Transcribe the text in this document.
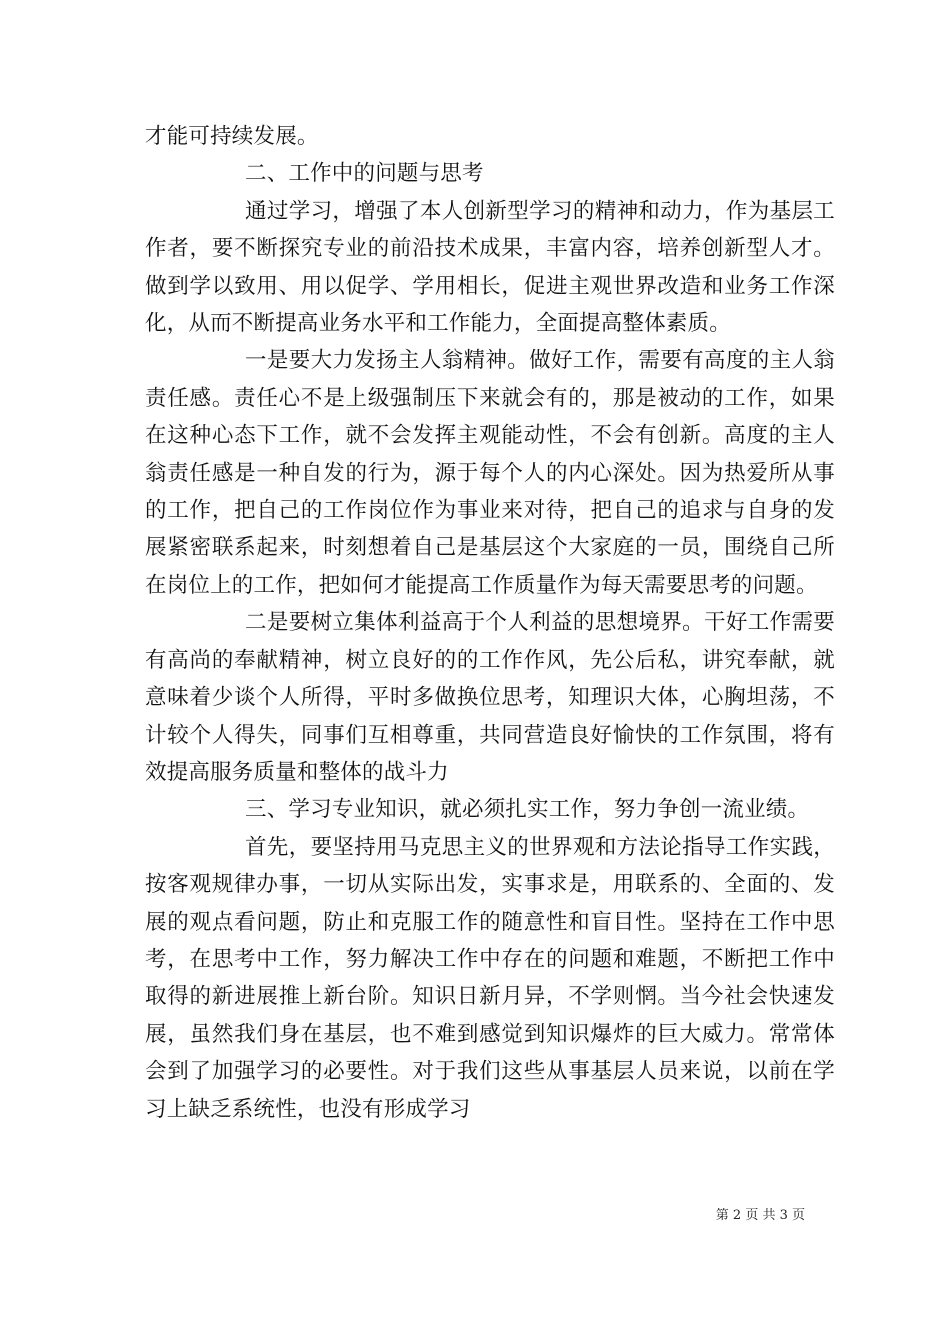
才能可持续发展。

二、工作中的问题与思考

通过学习，增强了本人创新型学习的精神和动力，作为基层工作者，要不断探究专业的前沿技术成果，丰富内容，培养创新型人才。做到学以致用、用以促学、学用相长，促进主观世界改造和业务工作深化，从而不断提高业务水平和工作能力，全面提高整体素质。

一是要大力发扬主人翁精神。做好工作，需要有高度的主人翁责任感。责任心不是上级强制压下来就会有的，那是被动的工作，如果在这种心态下工作，就不会发挥主观能动性，不会有创新。高度的主人翁责任感是一种自发的行为，源于每个人的内心深处。因为热爱所从事的工作，把自己的工作岗位作为事业来对待，把自己的追求与自身的发展紧密联系起来，时刻想着自己是基层这个大家庭的一员，围绕自己所在岗位上的工作，把如何才能提高工作质量作为每天需要思考的问题。

二是要树立集体利益高于个人利益的思想境界。干好工作需要有高尚的奉献精神，树立良好的的工作作风，先公后私，讲究奉献，就意味着少谈个人所得，平时多做换位思考，知理识大体，心胸坦荡，不计较个人得失，同事们互相尊重，共同营造良好愉快的工作氛围，将有效提高服务质量和整体的战斗力

三、学习专业知识，就必须扎实工作，努力争创一流业绩。

首先，要坚持用马克思主义的世界观和方法论指导工作实践，按客观规律办事，一切从实际出发，实事求是，用联系的、全面的、发展的观点看问题，防止和克服工作的随意性和盲目性。坚持在工作中思考，在思考中工作，努力解决工作中存在的问题和难题，不断把工作中取得的新进展推上新台阶。知识日新月异，不学则惘。当今社会快速发展，虽然我们身在基层，也不难到感觉到知识爆炸的巨大威力。常常体会到了加强学习的必要性。对于我们这些从事基层人员来说，以前在学习上缺乏系统性，也没有形成学习

第 2 页 共 3 页
